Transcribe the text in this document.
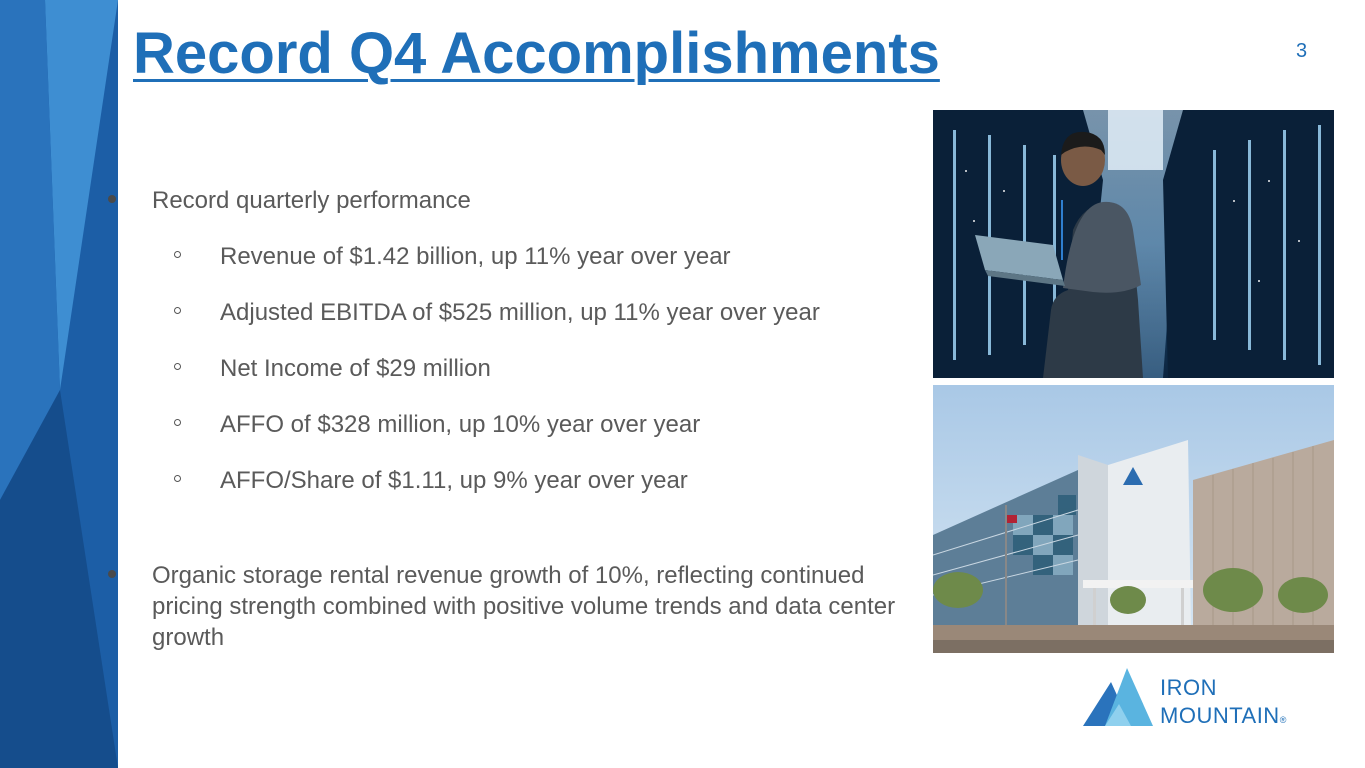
Record Q4 Accomplishments	3
Record quarterly performance
Revenue of $1.42 billion, up 11% year over year
Adjusted EBITDA of $525 million, up 11% year over year
Net Income of $29 million
AFFO of $328 million, up 10% year over year
AFFO/Share of $1.11, up 9% year over year
Organic storage rental revenue growth of 10%, reflecting continued pricing strength combined with positive volume trends and data center growth
IRON
MOUNTAIN®
